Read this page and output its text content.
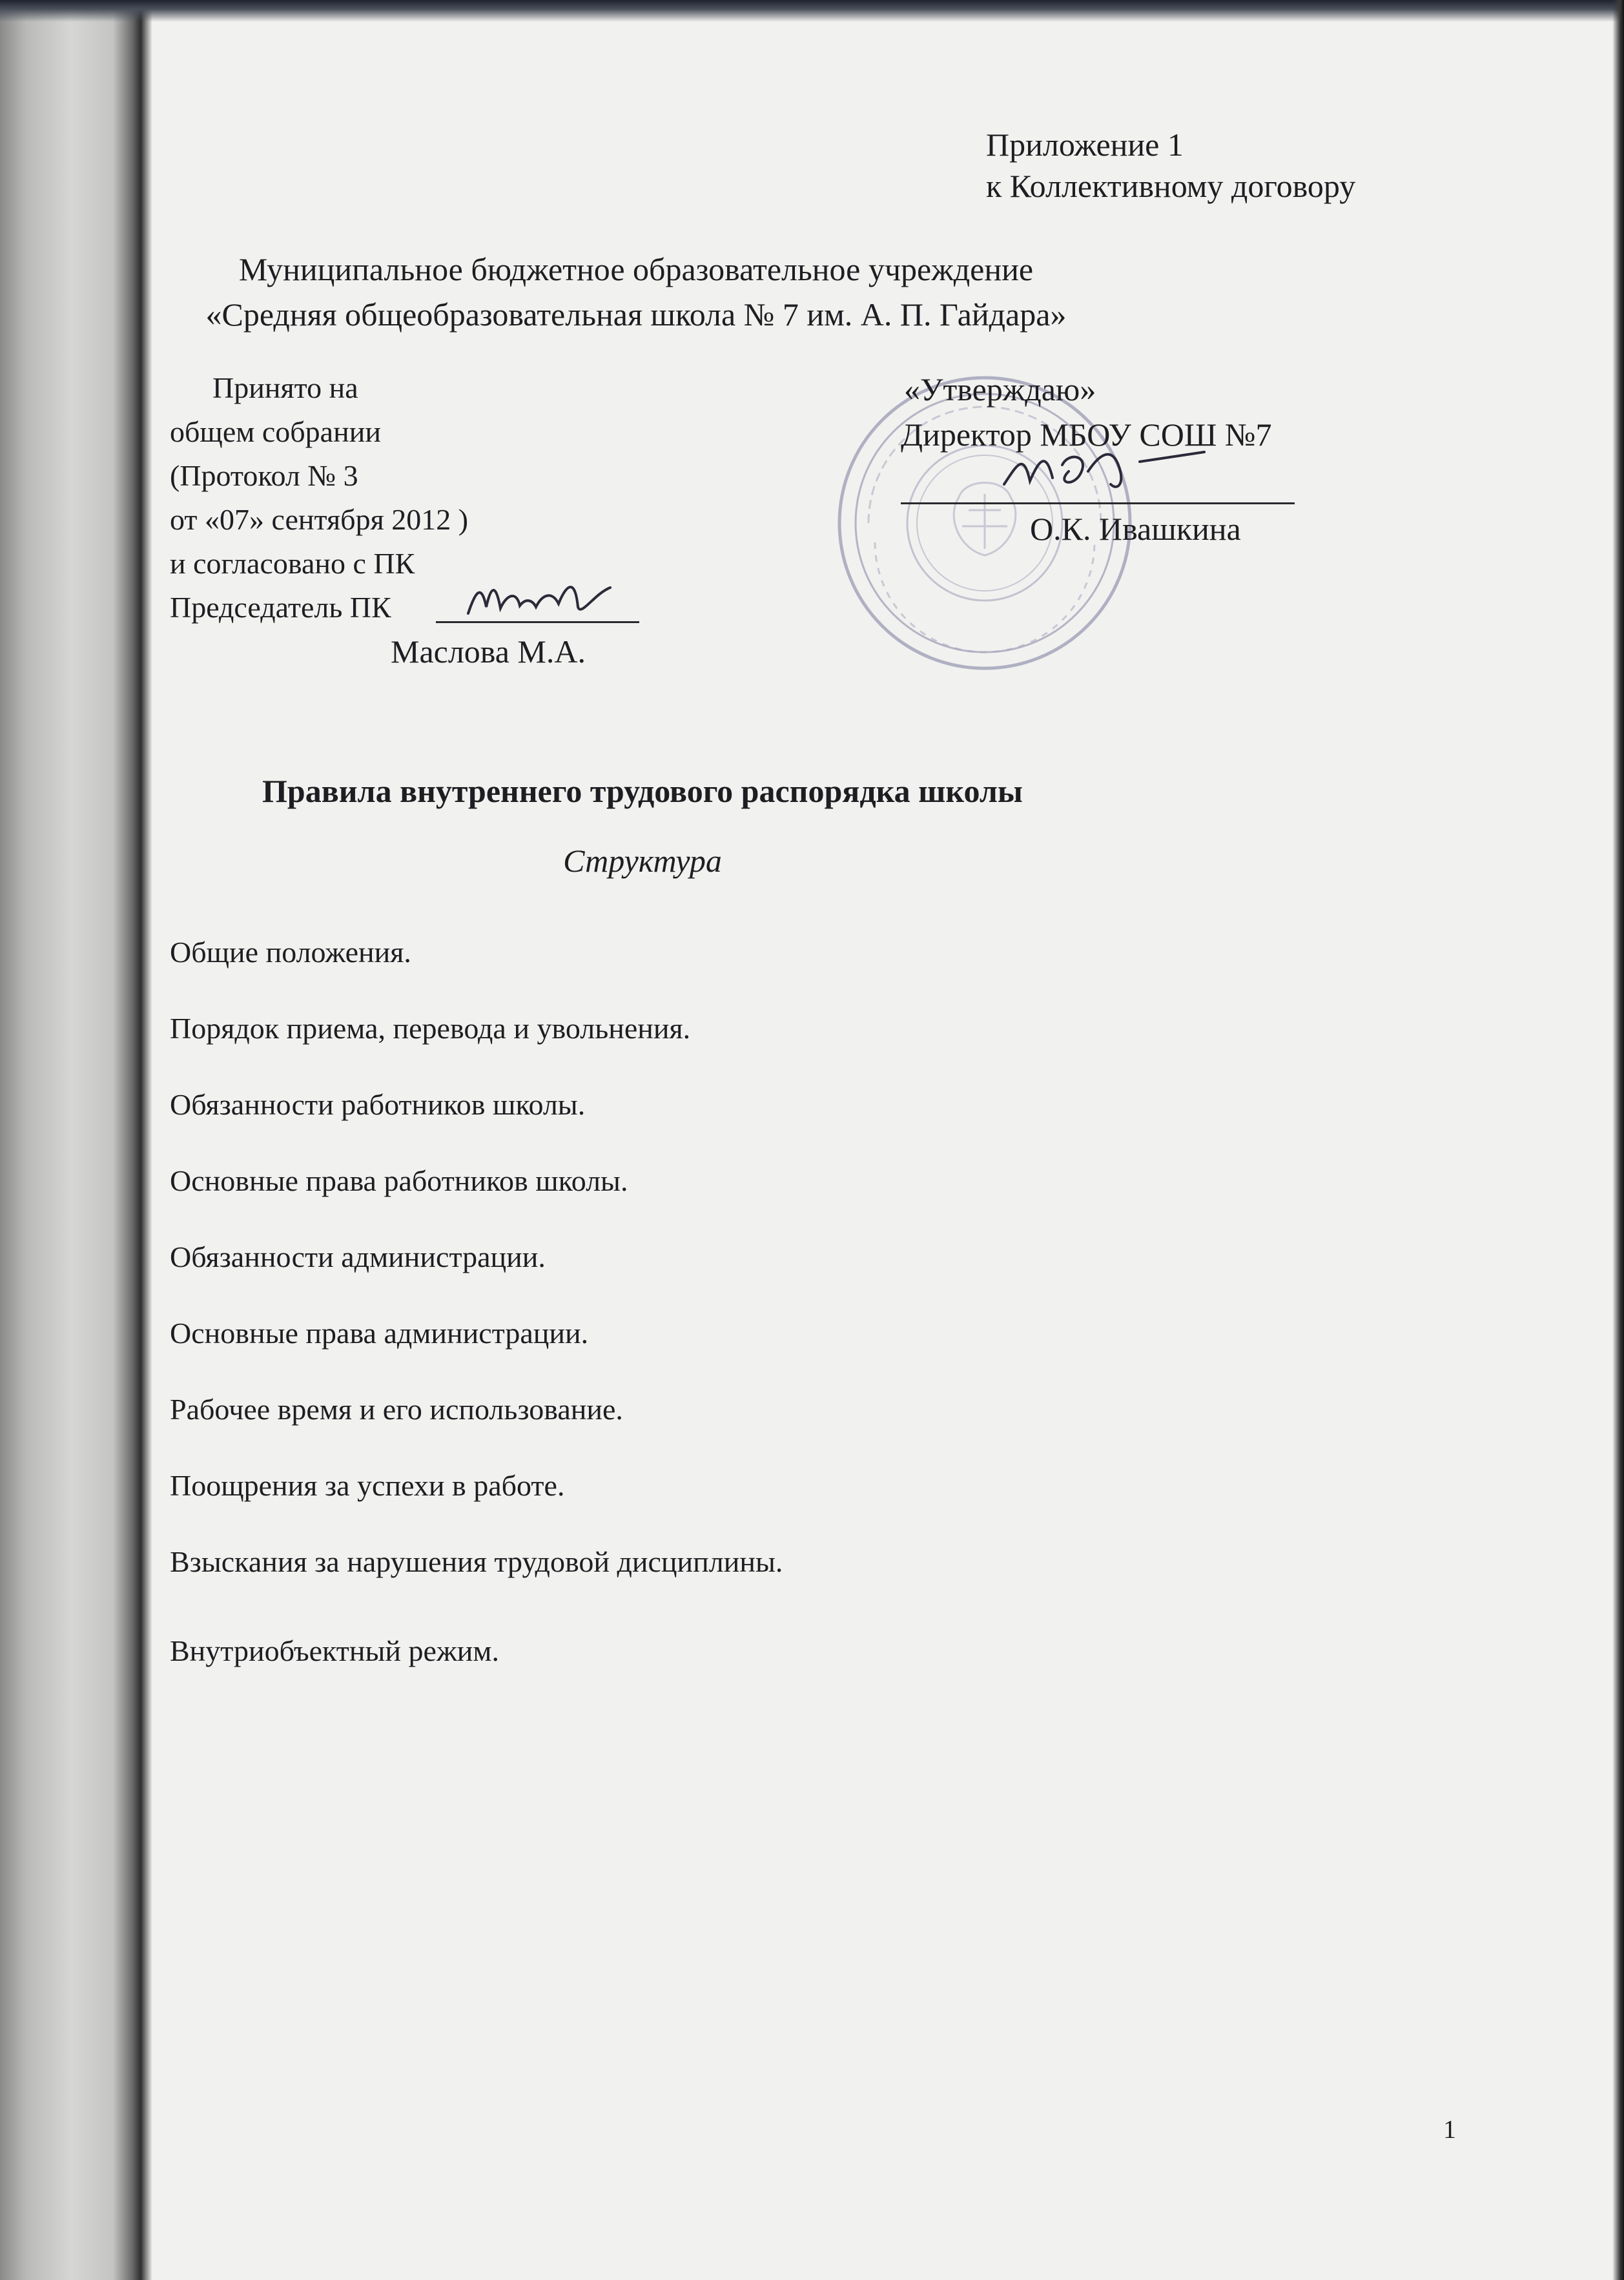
Приложение 1
к Коллективному договору
Муниципальное бюджетное образовательное учреждение
«Средняя общеобразовательная школа № 7 им. А. П. Гайдара»
Принято на
общем собрании
(Протокол № 3
от «07» сентября 2012 )
и согласовано с ПК
Председатель ПК
Маслова М.А.
«Утверждаю»
Директор МБОУ СОШ №7
О.К. Ивашкина
Правила внутреннего трудового распорядка школы
Структура
Общие положения.
Порядок приема, перевода и увольнения.
Обязанности работников школы.
Основные права работников школы.
Обязанности администрации.
Основные права администрации.
Рабочее время и его использование.
Поощрения за успехи в работе.
Взыскания за нарушения трудовой дисциплины.
Внутриобъектный режим.
1
